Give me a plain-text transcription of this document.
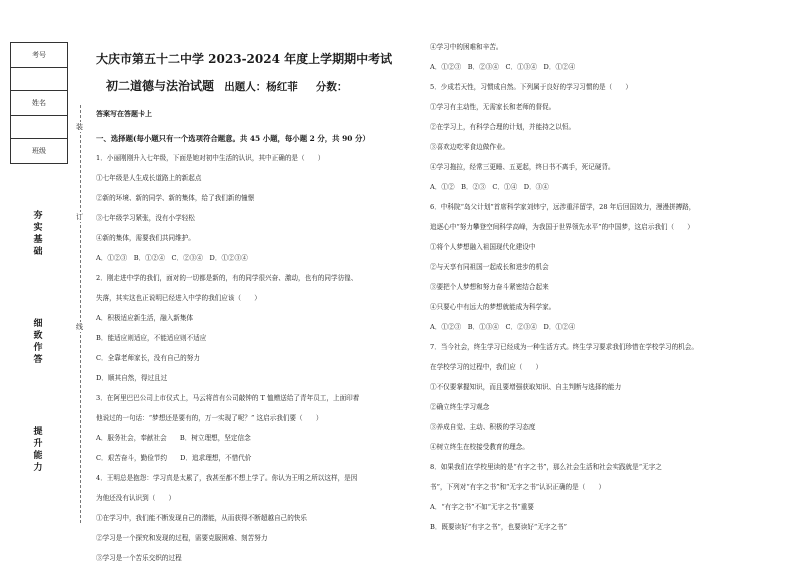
考号

姓名

班级
夯
实
基
础
细
致
作
答
提
升
能
力
装
订
线
大庆市第五十二中学 2023-2024 年度上学期期中考试
初二道德与法治试题 出题人：杨红菲 分数：
答案写在答题卡上
一、选择题(每小题只有一个选项符合题意。共 45 小题，每小题 2 分，共 90 分）
1．小丽刚刚升入七年级，下面是她对初中生活的认识，其中正确的是（　　）
①七年级是人生成长道路上的新起点
②新的环境、新的同学、新的集体，给了我们新的憧憬
③七年级学习紧张，没有小学轻松
④新的集体，需要我们共同维护。
A．①②③　B．①②④　C．②③④　D．①②③④
2．刚走进中学的我们，面对的一切都是新的，有的同学很兴奋、激动，也有的同学彷徨、
失落，其实这也正说明已经进入中学的我们应该（　　）
A．积极适应新生活，融入新集体
B．能适应则适应，不能适应则不适应
C．全靠老师家长，没有自己的努力
D．顺其自然，得过且过
3．在阿里巴巴公司上市仪式上，马云将首有公司敲钟的 T 恤赠送给了青年员工，上面印着
他说过的一句话：“梦想还是要有的，万一实现了呢？” 这启示我们要（　　）
A．服务社会，奉献社会　　B．树立理想，坚定信念
C．艰苦奋斗，勤俭节约　　D．追求理想，不惜代价
4．王明总是抱怨：学习真是太累了，我甚至都不想上学了。你认为王明之所以这样，是因
为他还没有认识到（　　）
①在学习中，我们能不断发现自己的潜能，从而获得不断超越自己的快乐
②学习是一个探究和发现的过程，需要克服困难、刻苦努力
③学习是一个苦乐交织的过程
④学习中的困难和辛苦。
A．①②③　B．②③④　C．①③④　D．①②④
5．少成若天性，习惯成自然。下列属于良好的学习习惯的是（　　）
①学习有主动性，无需家长和老师的督促。
②在学习上，有科学合理的计划，并能持之以恒。
③喜欢边吃零食边做作业。
④学习拖拉，经常三更睡、五更起，终日书不离手，死记硬背。
A．①②　B．②③　C．①④　D．③④
6．中科院“岛父计划”首席科学家刘炜宁，远涉重洋留学，28 年后回国效力，漫漫拼搏路，
追逐心中“努力攀登空间科学高峰，为我国于世界领先水平”的中国梦，这启示我们（　　）
①将个人梦想融入祖国现代化建设中
②与天享有同祖国一起成长和进步的机会
③要把个人梦想和努力奋斗紧密结合起来
④只要心中有远大的梦想就能成为科学家。
A．①②③　B．①③④　C．②③④　D．①②④
7．当今社会，终生学习已经成为一种生活方式。终生学习要求我们珍惜在学校学习的机会。
在学校学习的过程中，我们应（　　）
①不仅要掌握知识，而且要增强获取知识、自主判断与选择的能力
②确立终生学习观念
③养成自觉、主动、积极的学习态度
④树立终生在校接受教育的理念。
8．如果我们在学校里读的是“有字之书”，那么社会生活和社会实践就是“无字之
书”，下列对“有字之书”和“无字之书”认识正确的是（　　）
A．“有字之书”不如“无字之书”重要
B．既要读好“有字之书”，也要读好“无字之书”
